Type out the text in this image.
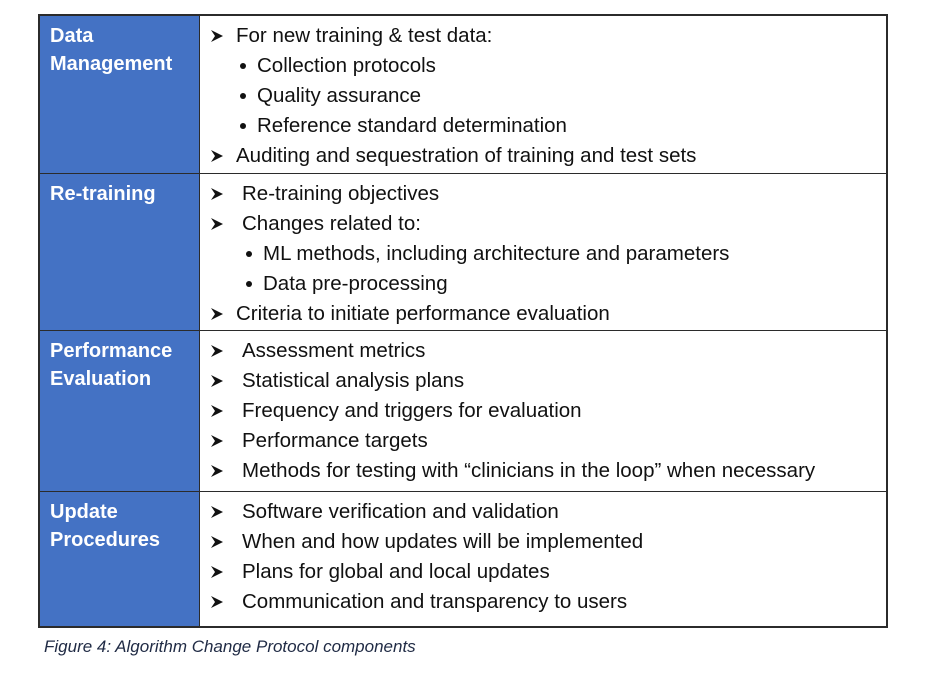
Data
Management
For new training & test data:
Collection protocols
Quality assurance
Reference standard determination
Auditing and sequestration of training and test sets
Re-training	Re-training objectives
Changes related to:
ML methods, including architecture and parameters
Data pre-processing
Criteria to initiate performance evaluation
Performance
Evaluation
Assessment metrics
Statistical analysis plans
Frequency and triggers for evaluation
Performance targets
Methods for testing with “clinicians in the loop” when necessary
Update
Procedures
Software verification and validation
When and how updates will be implemented
Plans for global and local updates
Communication and transparency to users
Figure 4: Algorithm Change Protocol components
